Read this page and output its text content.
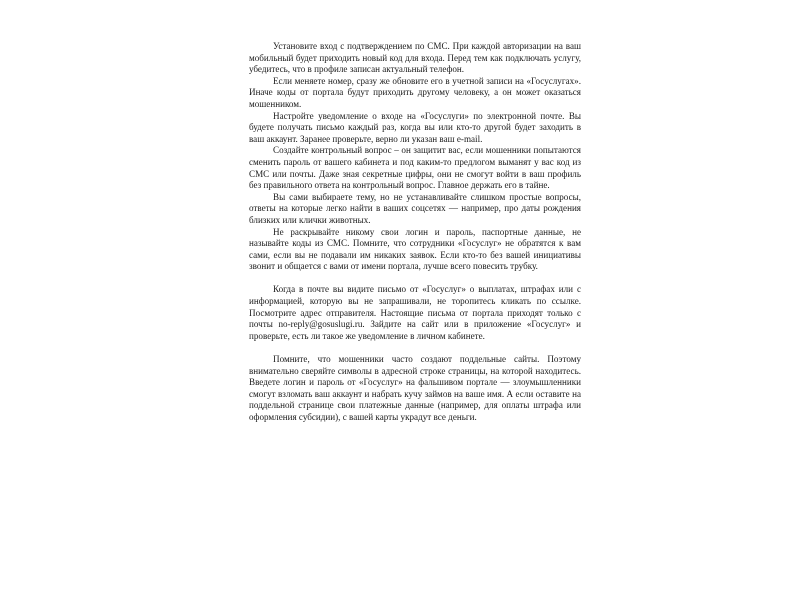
Установите вход с подтверждением по СМС. При каждой авторизации на ваш мобильный будет приходить новый код для входа. Перед тем как подключать услугу, убедитесь, что в профиле записан актуальный телефон.

Если меняете номер, сразу же обновите его в учетной записи на «Госуслугах». Иначе коды от портала будут приходить другому человеку, а он может оказаться мошенником.

Настройте уведомление о входе на «Госуслуги» по электронной почте. Вы будете получать письмо каждый раз, когда вы или кто-то другой будет заходить в ваш аккаунт. Заранее проверьте, верно ли указан ваш e-mail.

Создайте контрольный вопрос – он защитит вас, если мошенники попытаются сменить пароль от вашего кабинета и под каким-то предлогом выманят у вас код из СМС или почты. Даже зная секретные цифры, они не смогут войти в ваш профиль без правильного ответа на контрольный вопрос. Главное держать его в тайне.

Вы сами выбираете тему, но не устанавливайте слишком простые вопросы, ответы на которые легко найти в ваших соцсетях — например, про даты рождения близких или клички животных.

Не раскрывайте никому свои логин и пароль, паспортные данные, не называйте коды из СМС. Помните, что сотрудники «Госуслуг» не обратятся к вам сами, если вы не подавали им никаких заявок. Если кто-то без вашей инициативы звонит и общается с вами от имени портала, лучше всего повесить трубку.

Когда в почте вы видите письмо от «Госуслуг» о выплатах, штрафах или с информацией, которую вы не запрашивали, не торопитесь кликать по ссылке. Посмотрите адрес отправителя. Настоящие письма от портала приходят только с почты no-reply@gosuslugi.ru. Зайдите на сайт или в приложение «Госуслуг» и проверьте, есть ли такое же уведомление в личном кабинете.

Помните, что мошенники часто создают поддельные сайты. Поэтому внимательно сверяйте символы в адресной строке страницы, на которой находитесь. Введете логин и пароль от «Госуслуг» на фальшивом портале — злоумышленники смогут взломать ваш аккаунт и набрать кучу займов на ваше имя. А если оставите на поддельной странице свои платежные данные (например, для оплаты штрафа или оформления субсидии), с вашей карты украдут все деньги.
